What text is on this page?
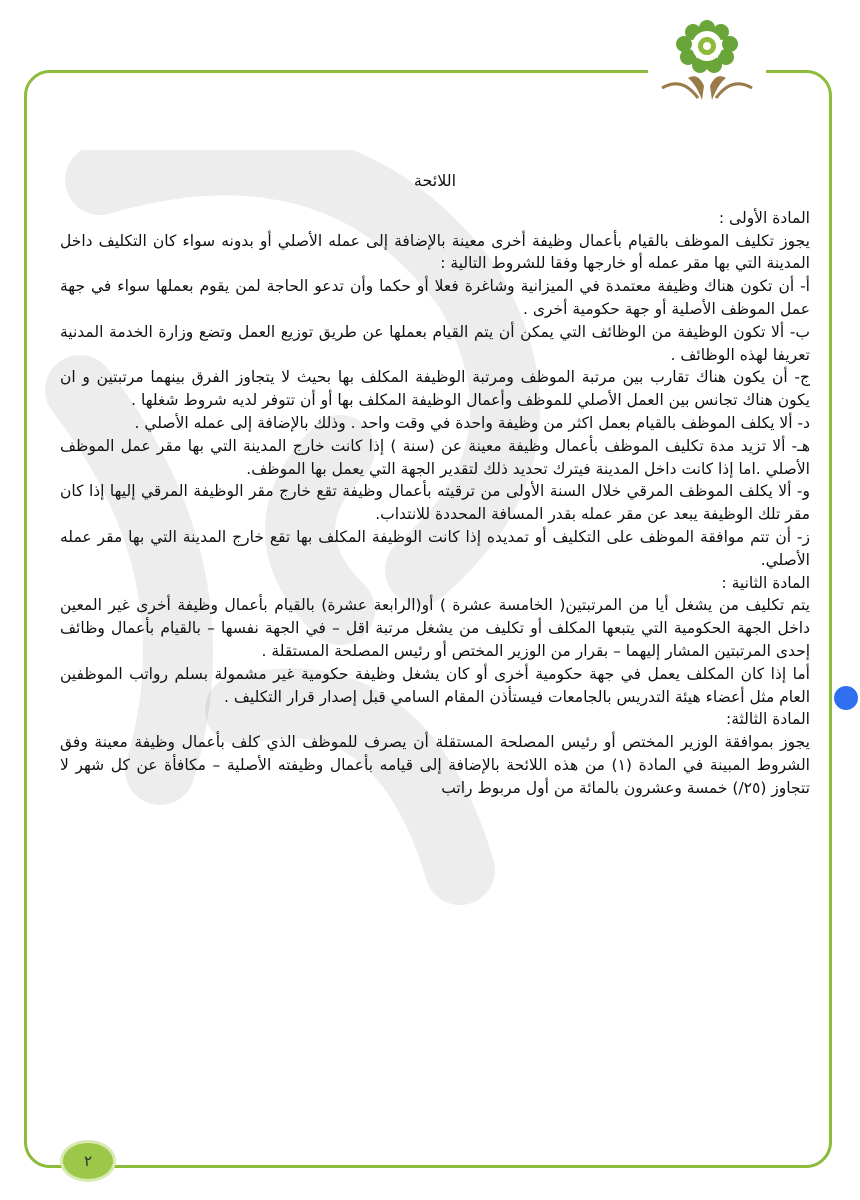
اللائحة

المادة الأولى :

يجوز تكليف الموظف بالقيام بأعمال وظيفة أخرى معينة بالإضافة إلى عمله الأصلي أو بدونه سواء كان التكليف داخل المدينة التي بها مقر عمله أو خارجها وفقا للشروط التالية :

أ- أن تكون هناك وظيفة معتمدة في الميزانية وشاغرة فعلا أو حكما وأن تدعو الحاجة لمن يقوم بعملها سواء في جهة عمل الموظف الأصلية أو جهة حكومية أخرى .

ب- ألا تكون الوظيفة من الوظائف التي يمكن أن يتم القيام بعملها عن طريق توزيع العمل وتضع وزارة الخدمة المدنية تعريفا لهذه الوظائف .

ج- أن يكون هناك تقارب بين مرتبة الموظف ومرتبة الوظيفة المكلف بها بحيث لا يتجاوز الفرق بينهما مرتبتين و ان يكون هناك تجانس بين العمل الأصلي للموظف وأعمال الوظيفة المكلف بها أو أن تتوفر لديه شروط شغلها .

د- ألا يكلف الموظف بالقيام بعمل اكثر من وظيفة واحدة في وقت واحد . وذلك بالإضافة إلى عمله الأصلي .

هـ- ألا تزيد مدة تكليف الموظف بأعمال وظيفة معينة عن (سنة ) إذا كانت خارج المدينة التي بها مقر عمل الموظف الأصلي .اما إذا كانت داخل المدينة فيترك تحديد ذلك لتقدير الجهة التي يعمل بها الموظف.

و- ألا يكلف الموظف المرقي خلال السنة الأولى من ترقيته بأعمال وظيفة تقع خارج مقر الوظيفة المرقي إليها إذا كان مقر تلك الوظيفة يبعد عن مقر عمله بقدر المسافة المحددة للانتداب.

ز- أن تتم موافقة الموظف على التكليف أو تمديده إذا كانت الوظيفة المكلف بها تقع خارج المدينة التي بها مقر عمله الأصلي.

المادة الثانية :

يتم تكليف من يشغل أيا من المرتبتين( الخامسة عشرة ) أو(الرابعة عشرة) بالقيام بأعمال وظيفة أخرى غير المعين داخل الجهة الحكومية التي يتبعها المكلف أو تكليف من يشغل مرتبة اقل – في الجهة نفسها – بالقيام بأعمال وظائف إحدى المرتبتين المشار إليهما – بقرار من الوزير المختص أو رئيس المصلحة المستقلة .

أما إذا كان المكلف يعمل في جهة حكومية أخرى أو كان يشغل وظيفة حكومية غير مشمولة بسلم رواتب الموظفين العام مثل أعضاء هيئة التدريس بالجامعات فيستأذن المقام السامي قبل إصدار قرار التكليف .

المادة الثالثة:

يجوز بموافقة الوزير المختص أو رئيس المصلحة المستقلة أن يصرف للموظف الذي كلف بأعمال وظيفة معينة وفق الشروط المبينة في المادة (١) من هذه اللائحة بالإضافة إلى قيامه بأعمال وظيفته الأصلية – مكافأة عن كل شهر لا تتجاوز (٢٥/) خمسة وعشرون بالمائة من أول مربوط راتب

٢
